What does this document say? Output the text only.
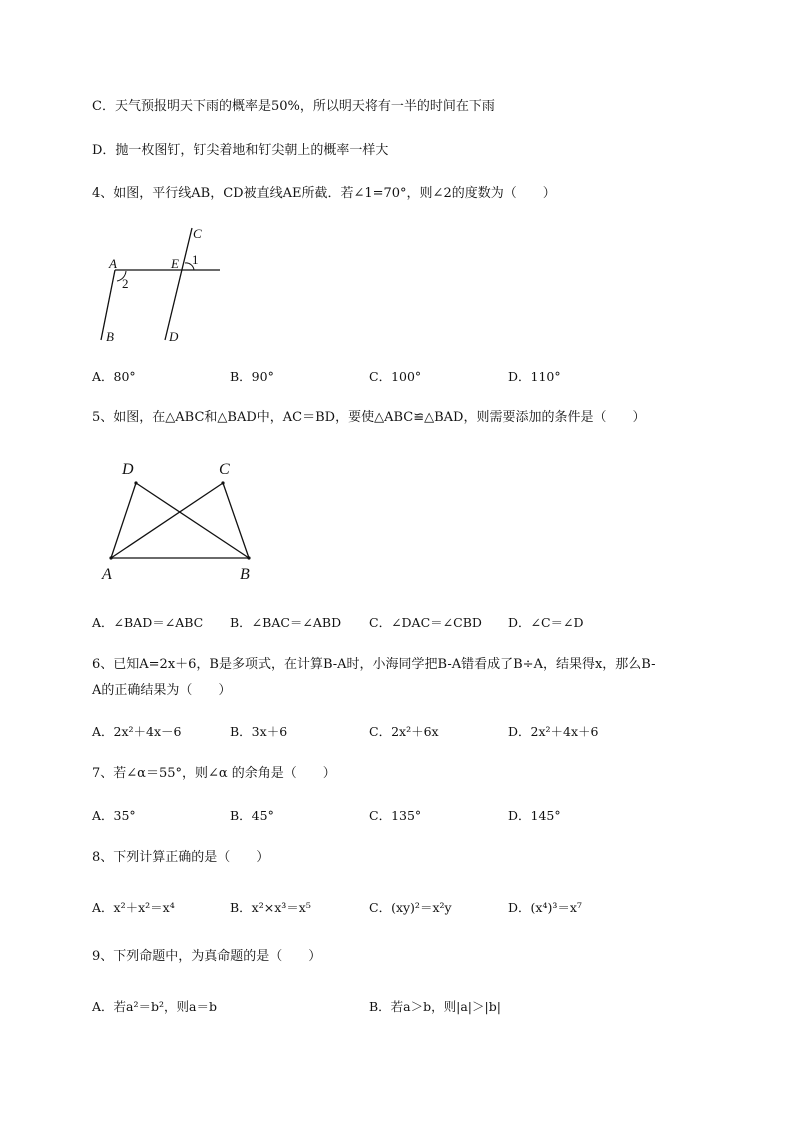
C．天气预报明天下雨的概率是50%，所以明天将有一半的时间在下雨
D．抛一枚图钉，钉尖着地和钉尖朝上的概率一样大
4、如图，平行线AB，CD被直线AE所截．若∠1=70°，则∠2的度数为（　　）
A
B
C
D
E 1
2
A．80°	B．90°	C．100°	D．110°
5、如图，在△ABC和△BAD中，AC＝BD，要使△ABC≌△BAD，则需要添加的条件是（　　）
D	C
A	B
A．∠BAD＝∠ABC B．∠BAC＝∠ABD C．∠DAC＝∠CBD D．∠C＝∠D
6、已知A=2x＋6，B是多项式，在计算B-A时，小海同学把B-A错看成了B÷A，结果得x，那么B-
A的正确结果为（　　）
A．2x²＋4x－6	B．3x＋6	C．2x²＋6x	D．2x²＋4x＋6
7、若∠α＝55°，则∠α 的余角是（　　）
A．35°	B．45°	C．135°	D．145°
8、下列计算正确的是（　　）
A．x²＋x²＝x⁴	B．x²×x³＝x⁵	C．(xy)²＝x²y	D．(x⁴)³＝x⁷
9、下列命题中，为真命题的是（　　）
A．若a²＝b²，则a＝b	B．若a＞b，则|a|＞|b|
